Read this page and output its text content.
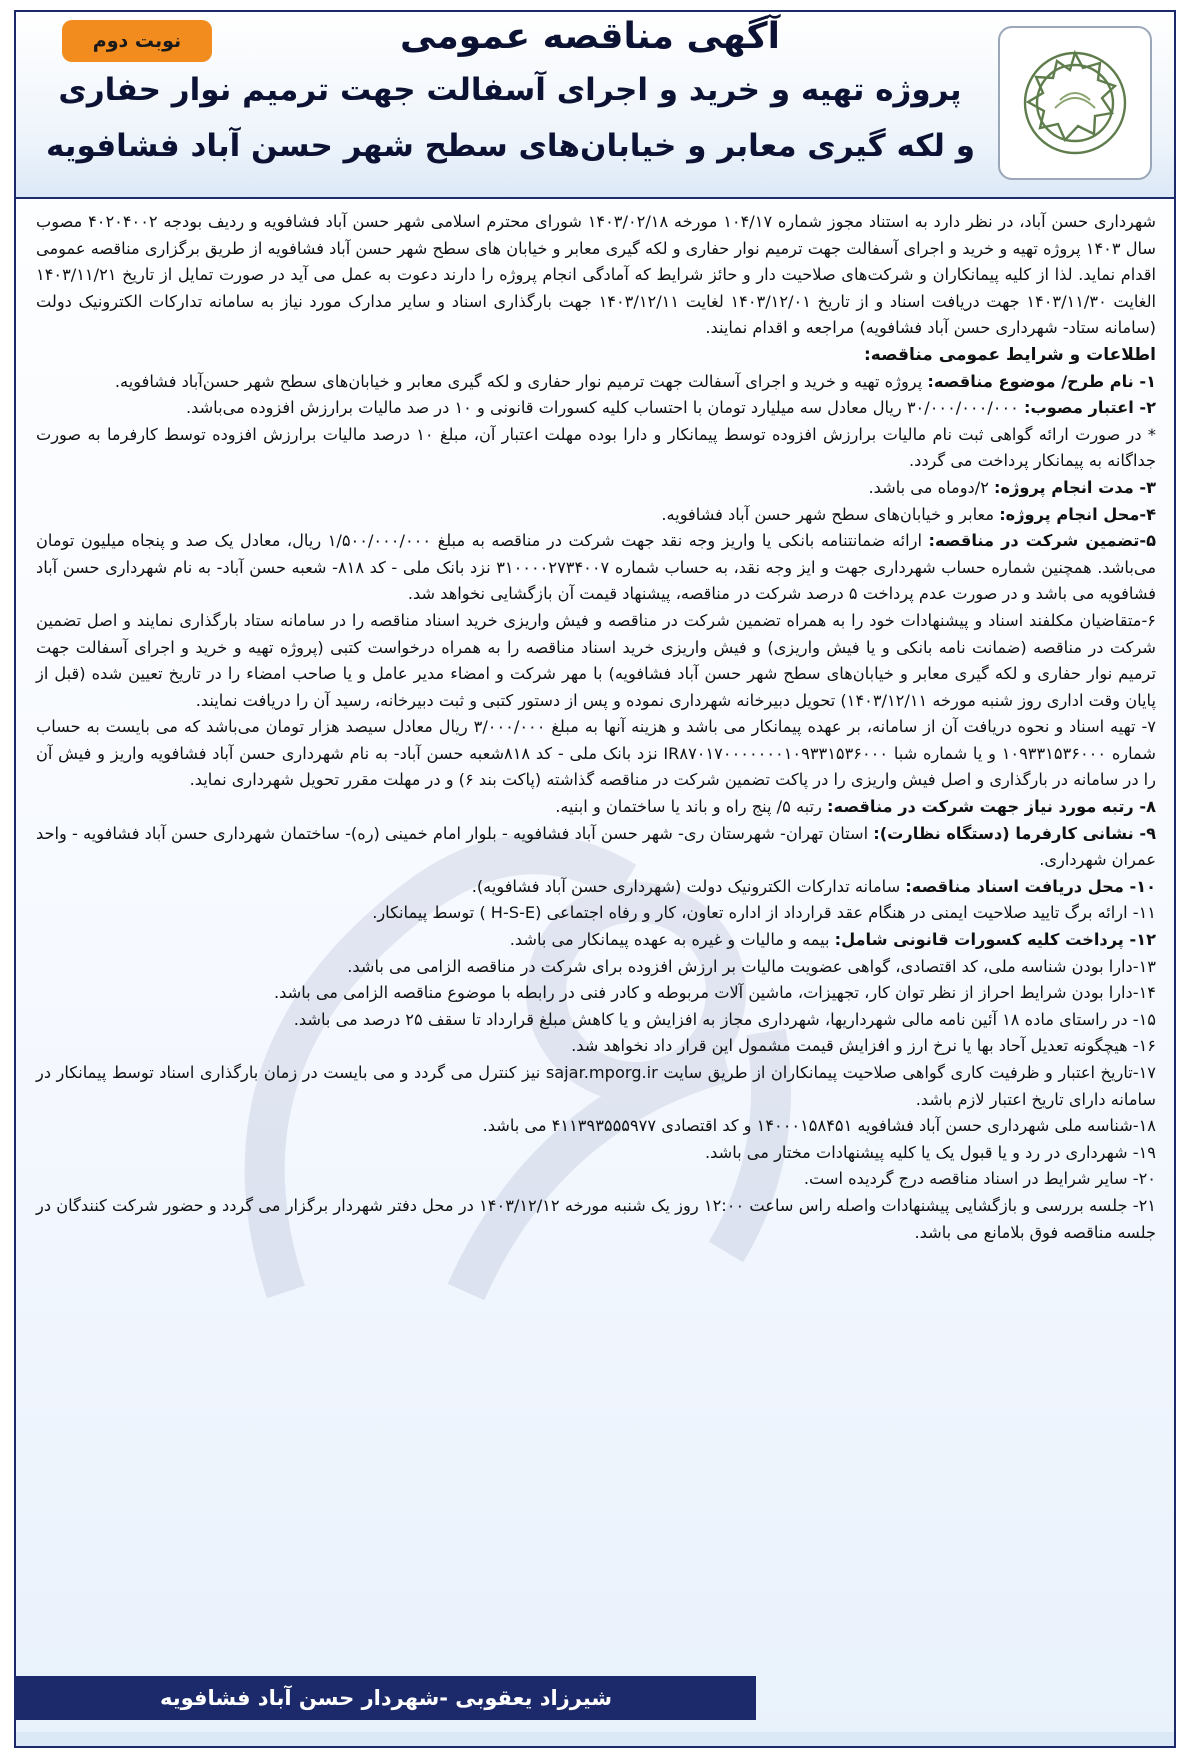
نوبت دوم	آگهی مناقصه عمومی
پروژه تهیه و خرید و اجرای آسفالت جهت ترمیم نوار حفاری
و لکه گیری معابر و خیابان‌های سطح شهر حسن آباد فشافویه

شهرداری حسن آباد، در نظر دارد به استناد مجوز شماره ۱۰۴/۱۷ مورخه ۱۴۰۳/۰۲/۱۸ شورای محترم اسلامی شهر حسن آباد فشافویه و ردیف بودجه ۴۰۲۰۴۰۰۲ مصوب سال ۱۴۰۳ پروژه تهیه و خرید و اجرای آسفالت جهت ترمیم نوار حفاری و لکه گیری معابر و خیابان های سطح شهر حسن آباد فشافویه از طریق برگزاری مناقصه عمومی اقدام نماید. لذا از کلیه پیمانکاران و شرکت‌های صلاحیت دار و حائز شرایط که آمادگی انجام پروژه را دارند دعوت به عمل می آید در صورت تمایل از تاریخ ۱۴۰۳/۱۱/۲۱ الغایت ۱۴۰۳/۱۱/۳۰ جهت دریافت اسناد و از تاریخ ۱۴۰۳/۱۲/۰۱ لغایت ۱۴۰۳/۱۲/۱۱ جهت بارگذاری اسناد و سایر مدارک مورد نیاز به سامانه تدارکات الکترونیک دولت (سامانه ستاد- شهرداری حسن آباد فشافویه) مراجعه و اقدام نمایند.

اطلاعات و شرایط عمومی مناقصه:

۱- نام طرح/ موضوع مناقصه: پروژه تهیه و خرید و اجرای آسفالت جهت ترمیم نوار حفاری و لکه گیری معابر و خیابان‌های سطح شهر حسن‌آباد فشافویه.

۲- اعتبار مصوب: ۳۰/۰۰۰/۰۰۰/۰۰۰ ریال معادل سه میلیارد تومان با احتساب کلیه کسورات قانونی و ۱۰ در صد مالیات برارزش افزوده می‌باشد.

* در صورت ارائه گواهی ثبت نام مالیات برارزش افزوده توسط پیمانکار و دارا بوده مهلت اعتبار آن، مبلغ ۱۰ درصد مالیات برارزش افزوده توسط کارفرما به صورت جداگانه به پیمانکار پرداخت می گردد.

۳- مدت انجام پروژه: ۲/دوماه می باشد.

۴-محل انجام پروژه: معابر و خیابان‌های سطح شهر حسن آباد فشافویه.

۵-تضمین شرکت در مناقصه: ارائه ضمانتنامه بانکی یا واریز وجه نقد جهت شرکت در مناقصه به مبلغ ۱/۵۰۰/۰۰۰/۰۰۰ ریال، معادل یک صد و پنجاه میلیون تومان می‌باشد. همچنین شماره حساب شهرداری جهت و ایز وجه نقد، به حساب شماره ۳۱۰۰۰۰۲۷۳۴۰۰۷ نزد بانک ملی - کد ۸۱۸- شعبه حسن آباد- به نام شهرداری حسن آباد فشافویه می باشد و در صورت عدم پرداخت ۵ درصد شرکت در مناقصه، پیشنهاد قیمت آن بازگشایی نخواهد شد.

۶-متقاضیان مکلفند اسناد و پیشنهادات خود را به همراه تضمین شرکت در مناقصه و فیش واریزی خرید اسناد مناقصه را در سامانه ستاد بارگذاری نمایند و اصل تضمین شرکت در مناقصه (ضمانت نامه بانکی و یا فیش واریزی) و فیش واریزی خرید اسناد مناقصه را به همراه درخواست کتبی (پروژه تهیه و خرید و اجرای آسفالت جهت ترمیم نوار حفاری و لکه گیری معابر و خیابان‌های سطح شهر حسن آباد فشافویه) با مهر شرکت و امضاء مدیر عامل و یا صاحب امضاء را در تاریخ تعیین شده (قبل از پایان وقت اداری روز شنبه مورخه ۱۴۰۳/۱۲/۱۱) تحویل دبیرخانه شهرداری نموده و پس از دستور کتبی و ثبت دبیرخانه، رسید آن را دریافت نمایند.

۷- تهیه اسناد و نحوه دریافت آن از سامانه، بر عهده پیمانکار می باشد و هزینه آنها به مبلغ ۳/۰۰۰/۰۰۰ ریال معادل سیصد هزار تومان می‌باشد که می بایست به حساب شماره ۱۰۹۳۳۱۵۳۶۰۰۰ و یا شماره شبا IR۸۷۰۱۷۰۰۰۰۰۰۰۱۰۹۳۳۱۵۳۶۰۰۰ نزد بانک ملی - کد ۸۱۸شعبه حسن آباد- به نام شهرداری حسن آباد فشافویه واریز و فیش آن را در سامانه در بارگذاری و اصل فیش واریزی را در پاکت تضمین شرکت در مناقصه گذاشته (پاکت بند ۶) و در مهلت مقرر تحویل شهرداری نماید.

۸- رتبه مورد نیاز جهت شرکت در مناقصه: رتبه ۵/ پنج راه و باند یا ساختمان و ابنیه.

۹- نشانی کارفرما (دستگاه نظارت): استان تهران- شهرستان ری- شهر حسن آباد فشافویه - بلوار امام خمینی (ره)- ساختمان شهرداری حسن آباد فشافویه - واحد عمران شهرداری.

۱۰- محل دریافت اسناد مناقصه: سامانه تدارکات الکترونیک دولت (شهرداری حسن آباد فشافویه).

۱۱- ارائه برگ تایید صلاحیت ایمنی در هنگام عقد قرارداد از اداره تعاون، کار و رفاه اجتماعی (H-S-E ) توسط پیمانکار.

۱۲- پرداخت کلیه کسورات قانونی شامل: بیمه و مالیات و غیره به عهده پیمانکار می باشد.

۱۳-دارا بودن شناسه ملی، کد اقتصادی، گواهی عضویت مالیات بر ارزش افزوده برای شرکت در مناقصه الزامی می باشد.

۱۴-دارا بودن شرایط احراز از نظر توان کار، تجهیزات، ماشین آلات مربوطه و کادر فنی در رابطه با موضوع مناقصه الزامی می باشد.

۱۵- در راستای ماده ۱۸ آئین نامه مالی شهرداریها، شهرداری مجاز به افزایش و یا کاهش مبلغ قرارداد تا سقف ۲۵ درصد می باشد.

۱۶- هیچگونه تعدیل آحاد بها یا نرخ ارز و افزایش قیمت مشمول این قرار داد نخواهد شد.

۱۷-تاریخ اعتبار و ظرفیت کاری گواهی صلاحیت پیمانکاران از طریق سایت sajar.mporg.ir نیز کنترل می گردد و می بایست در زمان بارگذاری اسناد توسط پیمانکار در سامانه دارای تاریخ اعتبار لازم باشد.

۱۸-شناسه ملی شهرداری حسن آباد فشافویه ۱۴۰۰۰۱۵۸۴۵۱ و کد اقتصادی ۴۱۱۳۹۳۵۵۵۹۷۷ می باشد.

۱۹- شهرداری در رد و یا قبول یک یا کلیه پیشنهادات مختار می باشد.

۲۰- سایر شرایط در اسناد مناقصه درج گردیده است.

۲۱- جلسه بررسی و بازگشایی پیشنهادات واصله راس ساعت ۱۲:۰۰ روز یک شنبه مورخه ۱۴۰۳/۱۲/۱۲ در محل دفتر شهردار برگزار می گردد و حضور شرکت کنندگان در جلسه مناقصه فوق بلامانع می باشد.

شیرزاد یعقوبی -شهردار حسن آباد فشافویه
